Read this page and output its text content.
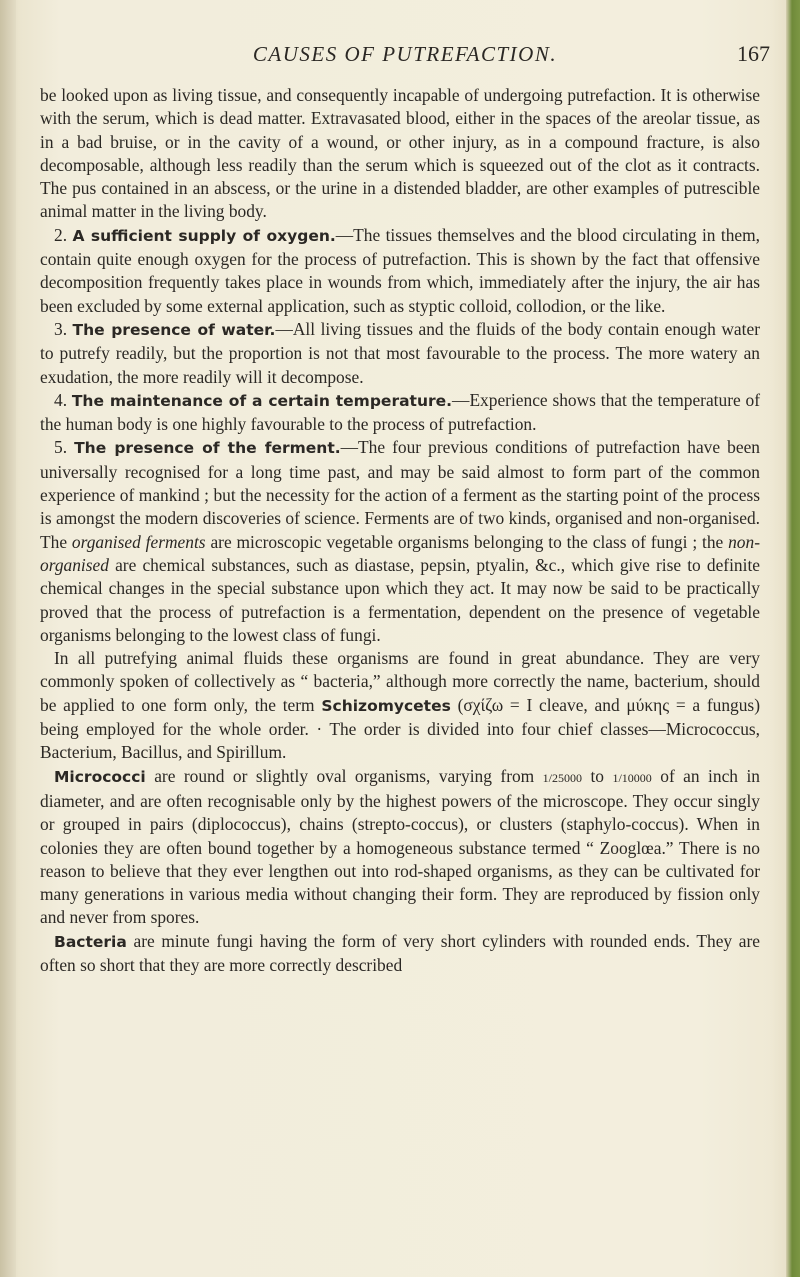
CAUSES OF PUTREFACTION.	167

be looked upon as living tissue, and consequently incapable of undergoing putrefaction. It is otherwise with the serum, which is dead matter. Extravasated blood, either in the spaces of the areolar tissue, as in a bad bruise, or in the cavity of a wound, or other injury, as in a compound fracture, is also decomposable, although less readily than the serum which is squeezed out of the clot as it contracts. The pus contained in an abscess, or the urine in a distended bladder, are other examples of putrescible animal matter in the living body.

2. A sufficient supply of oxygen.—The tissues themselves and the blood circulating in them, contain quite enough oxygen for the process of putrefaction. This is shown by the fact that offensive decomposition frequently takes place in wounds from which, immediately after the injury, the air has been excluded by some external application, such as styptic colloid, collodion, or the like.

3. The presence of water.—All living tissues and the fluids of the body contain enough water to putrefy readily, but the proportion is not that most favourable to the process. The more watery an exudation, the more readily will it decompose.

4. The maintenance of a certain temperature.—Experience shows that the temperature of the human body is one highly favourable to the process of putrefaction.

5. The presence of the ferment.—The four previous conditions of putrefaction have been universally recognised for a long time past, and may be said almost to form part of the common experience of mankind ; but the necessity for the action of a ferment as the starting point of the process is amongst the modern discoveries of science. Ferments are of two kinds, organised and non-organised. The organised ferments are microscopic vegetable organisms belonging to the class of fungi ; the non-organised are chemical substances, such as diastase, pepsin, ptyalin, &c., which give rise to definite chemical changes in the special substance upon which they act. It may now be said to be practically proved that the process of putrefaction is a fermentation, dependent on the presence of vegetable organisms belonging to the lowest class of fungi.

In all putrefying animal fluids these organisms are found in great abundance. They are very commonly spoken of collectively as “ bacteria,” although more correctly the name, bacterium, should be applied to one form only, the term Schizomycetes (σχίζω = I cleave, and μύκης = a fungus) being employed for the whole order. · The order is divided into four chief classes—Micrococcus, Bacterium, Bacillus, and Spirillum.

Micrococci are round or slightly oval organisms, varying from 1/25000 to 1/10000 of an inch in diameter, and are often recognisable only by the highest powers of the microscope. They occur singly or grouped in pairs (diplococcus), chains (strepto-coccus), or clusters (staphylo-coccus). When in colonies they are often bound together by a homogeneous substance termed “ Zooglœa.” There is no reason to believe that they ever lengthen out into rod-shaped organisms, as they can be cultivated for many generations in various media without changing their form. They are reproduced by fission only and never from spores.

Bacteria are minute fungi having the form of very short cylinders with rounded ends. They are often so short that they are more correctly described
